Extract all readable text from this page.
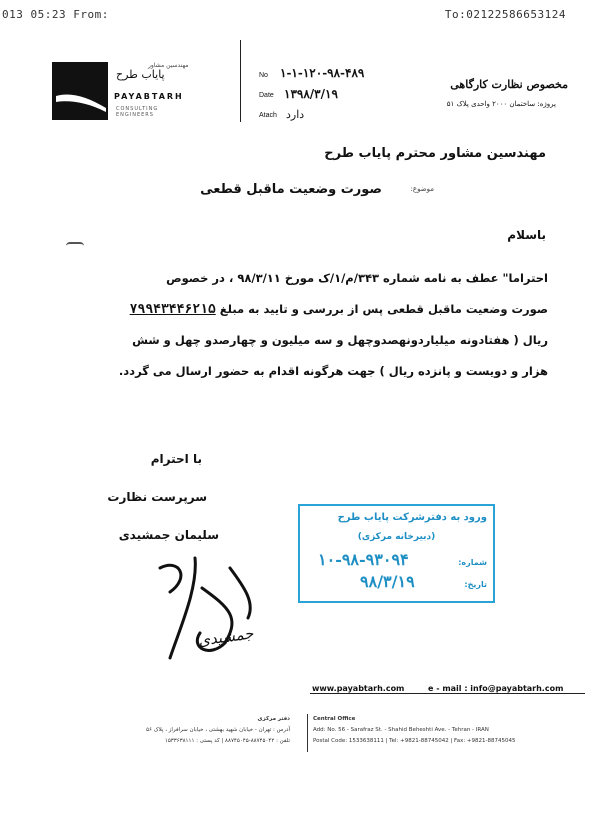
013 05:23 From:	To:02122586653124
مهندسین مشاور
پایاب طرح
PAYABTARH
CONSULTING ENGINEERS
No ۱-۱-۱۲۰-۹۸-۴۸۹
Date ۱۳۹۸/۳/۱۹
Atach دارد
مخصوص نظارت کارگاهی
پروژه: ساختمان ۲۰۰۰ واحدی پلاک ۵۱
مهندسین مشاور محترم پایاب طرح
موضوع:
صورت وضعیت ماقبل قطعی
باسلام
احتراما" عطف به نامه شماره ۳۴۳/م/۱/ک مورخ ۹۸/۳/۱۱ ، در خصوص
صورت وضعیت ماقبل قطعی پس از بررسی و تایید به مبلغ ۷۹۹۴۳۴۴۶۲۱۵
ریال ( هفتادونه میلیاردونهصدوچهل و سه میلیون و چهارصدو چهل و شش
هزار و دویست و پانزده ریال ) جهت هرگونه اقدام به حضور ارسال می گردد.
با احترام
سرپرست نظارت
سلیمان جمشیدی
جمشیدی
ورود به دفترشرکت پایاب طرح
(دبیرخانه مرکزی)
شماره:
۱۰-۹۸-۹۳۰۹۴
تاریخ:
۹۸/۳/۱۹
www.payabtarh.com	e - mail : info@payabtarh.com
دفتر مرکزی
آدرس : تهران - خیابان شهید بهشتی ، خیابان سرافراز ، پلاک ۵۶
تلفن : ۸۸۷۴۵۰۴۲-۸۸۷۴۵۰۴۵ | کد پستی : ۱۵۳۳۶۳۸۱۱۱
Central Office
Add: No. 56 - Sarafraz St. - Shahid Beheshti Ave. - Tehran - IRAN
Postal Code: 1533638111 | Tel: +9821-88745042 | Fax: +9821-88745045
